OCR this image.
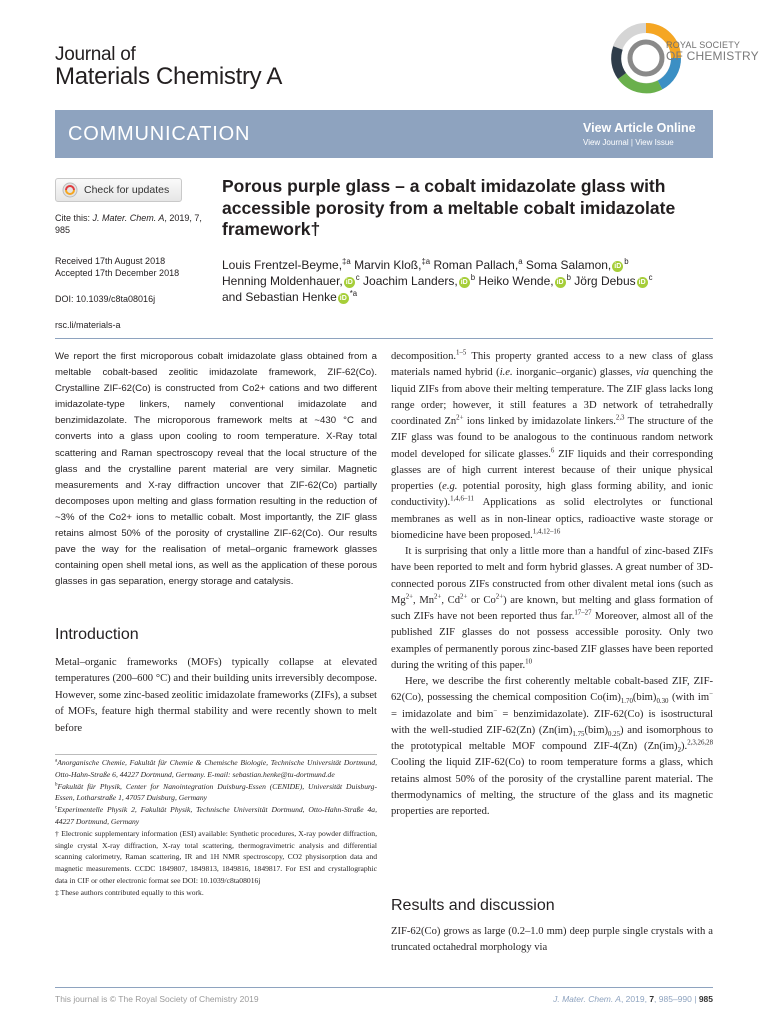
Journal of
Materials Chemistry A
ROYAL SOCIETY
OF CHEMISTRY
COMMUNICATION	View Article Online
View Journal | View Issue
Check for updates
Cite this: J. Mater. Chem. A, 2019, 7, 985
Received 17th August 2018
Accepted 17th December 2018
DOI: 10.1039/c8ta08016j
rsc.li/materials-a
Porous purple glass – a cobalt imidazolate glass with accessible porosity from a meltable cobalt imidazolate framework†
Louis Frentzel-Beyme,$^{\ddagger a}$ Marvin Kloß,$^{\ddagger a}$ Roman Pallach,$^a$ Soma Salamon, $iD^b$
Henning Moldenhauer, $iD^c$ Joachim Landers, $iD^b$ Heiko Wende, $iD^b$ Jörg Debus $iD^c$
and Sebastian Henke $iD^{*a}$
We report the first microporous cobalt imidazolate glass obtained from a meltable cobalt-based zeolitic imidazolate framework, ZIF-62(Co). Crystalline ZIF-62(Co) is constructed from Co2+ cations and two different imidazolate-type linkers, namely conventional imidazolate and benzimidazolate. The microporous framework melts at ~430 °C and converts into a glass upon cooling to room temperature. X-Ray total scattering and Raman spectroscopy reveal that the local structure of the glass and the crystalline parent material are very similar. Magnetic measurements and X-ray diffraction uncover that ZIF-62(Co) partially decomposes upon melting and glass formation resulting in the reduction of ~3% of the Co2+ ions to metallic cobalt. Most importantly, the ZIF glass retains almost 50% of the porosity of crystalline ZIF-62(Co). Our results pave the way for the realisation of metal–organic framework glasses containing open shell metal ions, as well as the application of these porous glasses in gas separation, energy storage and catalysis.
Introduction
Metal–organic frameworks (MOFs) typically collapse at elevated temperatures (200–600 °C) and their building units irreversibly decompose. However, some zinc-based zeolitic imidazolate frameworks (ZIFs), a subset of MOFs, feature high thermal stability and were recently shown to melt before
$^a$Anorganische Chemie, Fakultät für Chemie & Chemische Biologie, Technische Universität Dortmund, Otto-Hahn-Straße 6, 44227 Dortmund, Germany. E-mail: sebastian.henke@tu-dortmund.de
$^b$Fakultät für Physik, Center for Nanointegration Duisburg-Essen (CENIDE), Universität Duisburg-Essen, Lotharstraße 1, 47057 Duisburg, Germany
$^c$Experimentelle Physik 2, Fakultät Physik, Technische Universität Dortmund, Otto-Hahn-Straße 4a, 44227 Dortmund, Germany
† Electronic supplementary information (ESI) available: Synthetic procedures, X-ray powder diffraction, single crystal X-ray diffraction, X-ray total scattering, thermogravimetric analysis and differential scanning calorimetry, Raman scattering, IR and 1H NMR spectroscopy, CO2 physisorption data and magnetic measurements. CCDC 1849807, 1849813, 1849816, 1849817. For ESI and crystallographic data in CIF or other electronic format see DOI: 10.1039/c8ta08016j
‡ These authors contributed equally to this work.

decomposition.$^{1-5}$ This property granted access to a new class of glass materials named hybrid (i.e. inorganic–organic) glasses, via quenching the liquid ZIFs from above their melting temperature. The ZIF glass lacks long range order; however, it still features a 3D network of tetrahedrally coordinated $Zn^{2+}$ ions linked by imidazolate linkers.$^{2,3}$ The structure of the ZIF glass was found to be analogous to the continuous random network model developed for silicate glasses.$^6$ ZIF liquids and their corresponding glasses are of high current interest because of their unique physical properties (e.g. potential porosity, high glass forming ability, and ionic conductivity).$^{1,4,6-11}$ Applications as solid electrolytes or functional membranes as well as in non-linear optics, radioactive waste storage or biomedicine have been proposed.$^{1,4,12-16}$

It is surprising that only a little more than a handful of zinc-based ZIFs have been reported to melt and form hybrid glasses. A great number of 3D-connected porous ZIFs constructed from other divalent metal ions (such as $Mg^{2+}$, $Mn^{2+}$, $Cd^{2+}$ or $Co^{2+}$) are known, but melting and glass formation of such ZIFs have not been reported thus far.$^{17-27}$ Moreover, almost all of the published ZIF glasses do not possess accessible porosity. Only two examples of permanently porous zinc-based ZIF glasses have been reported during the writing of this paper.$^{10}$

Here, we describe the first coherently meltable cobalt-based ZIF, ZIF-62(Co), possessing the chemical composition $Co(im)_{1.70}(bim)_{0.30}$ (with im− = imidazolate and bim− = benzimidazolate). ZIF-62(Co) is isostructural with the well-studied ZIF-62(Zn) $(Zn(im)_{1.75}(bim)_{0.25})$ and isomorphous to the prototypical meltable MOF compound ZIF-4(Zn) $(Zn(im)_2).^{2,3,26,28}$ Cooling the liquid ZIF-62(Co) to room temperature forms a glass, which retains almost 50% of the porosity of the crystalline parent material. The thermodynamics of melting, the structure of the glass and its magnetic properties are reported.

Results and discussion
ZIF-62(Co) grows as large (0.2–1.0 mm) deep purple single crystals with a truncated octahedral morphology via
This journal is © The Royal Society of Chemistry 2019	J. Mater. Chem. A, 2019, 7, 985–990 | 985
